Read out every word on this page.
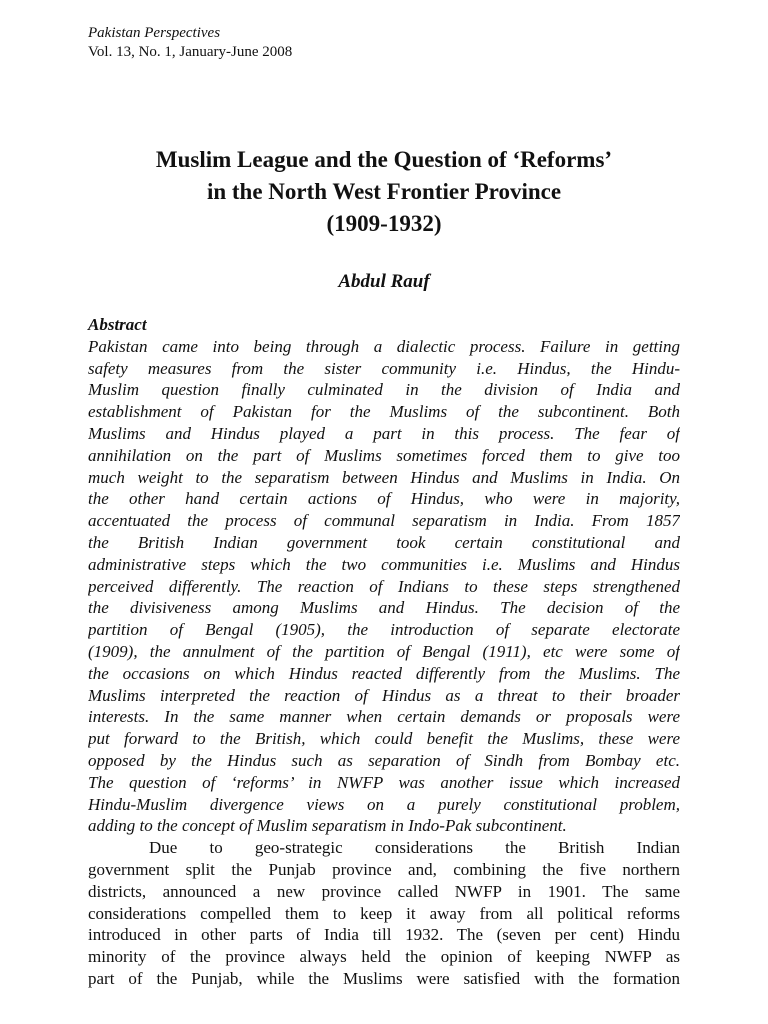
Pakistan Perspectives
Vol. 13, No. 1, January-June 2008
Muslim League and the Question of ‘Reforms’
in the North West Frontier Province
(1909-1932)
Abdul Rauf
Abstract
Pakistan came into being through a dialectic process. Failure in getting
safety measures from the sister community i.e. Hindus, the Hindu-
Muslim question finally culminated in the division of India and
establishment of Pakistan for the Muslims of the subcontinent. Both
Muslims and Hindus played a part in this process. The fear of
annihilation on the part of Muslims sometimes forced them to give too
much weight to the separatism between Hindus and Muslims in India. On
the other hand certain actions of Hindus, who were in majority,
accentuated the process of communal separatism in India. From 1857
the British Indian government took certain constitutional and
administrative steps which the two communities i.e. Muslims and Hindus
perceived differently. The reaction of Indians to these steps strengthened
the divisiveness among Muslims and Hindus. The decision of the
partition of Bengal (1905), the introduction of separate electorate
(1909), the annulment of the partition of Bengal (1911), etc were some of
the occasions on which Hindus reacted differently from the Muslims. The
Muslims interpreted the reaction of Hindus as a threat to their broader
interests. In the same manner when certain demands or proposals were
put forward to the British, which could benefit the Muslims, these were
opposed by the Hindus such as separation of Sindh from Bombay etc.
The question of ‘reforms’ in NWFP was another issue which increased
Hindu-Muslim divergence views on a purely constitutional problem,
adding to the concept of Muslim separatism in Indo-Pak subcontinent.
Due to geo-strategic considerations the British Indian
government split the Punjab province and, combining the five northern
districts, announced a new province called NWFP in 1901. The same
considerations compelled them to keep it away from all political reforms
introduced in other parts of India till 1932. The (seven per cent) Hindu
minority of the province always held the opinion of keeping NWFP as
part of the Punjab, while the Muslims were satisfied with the formation
